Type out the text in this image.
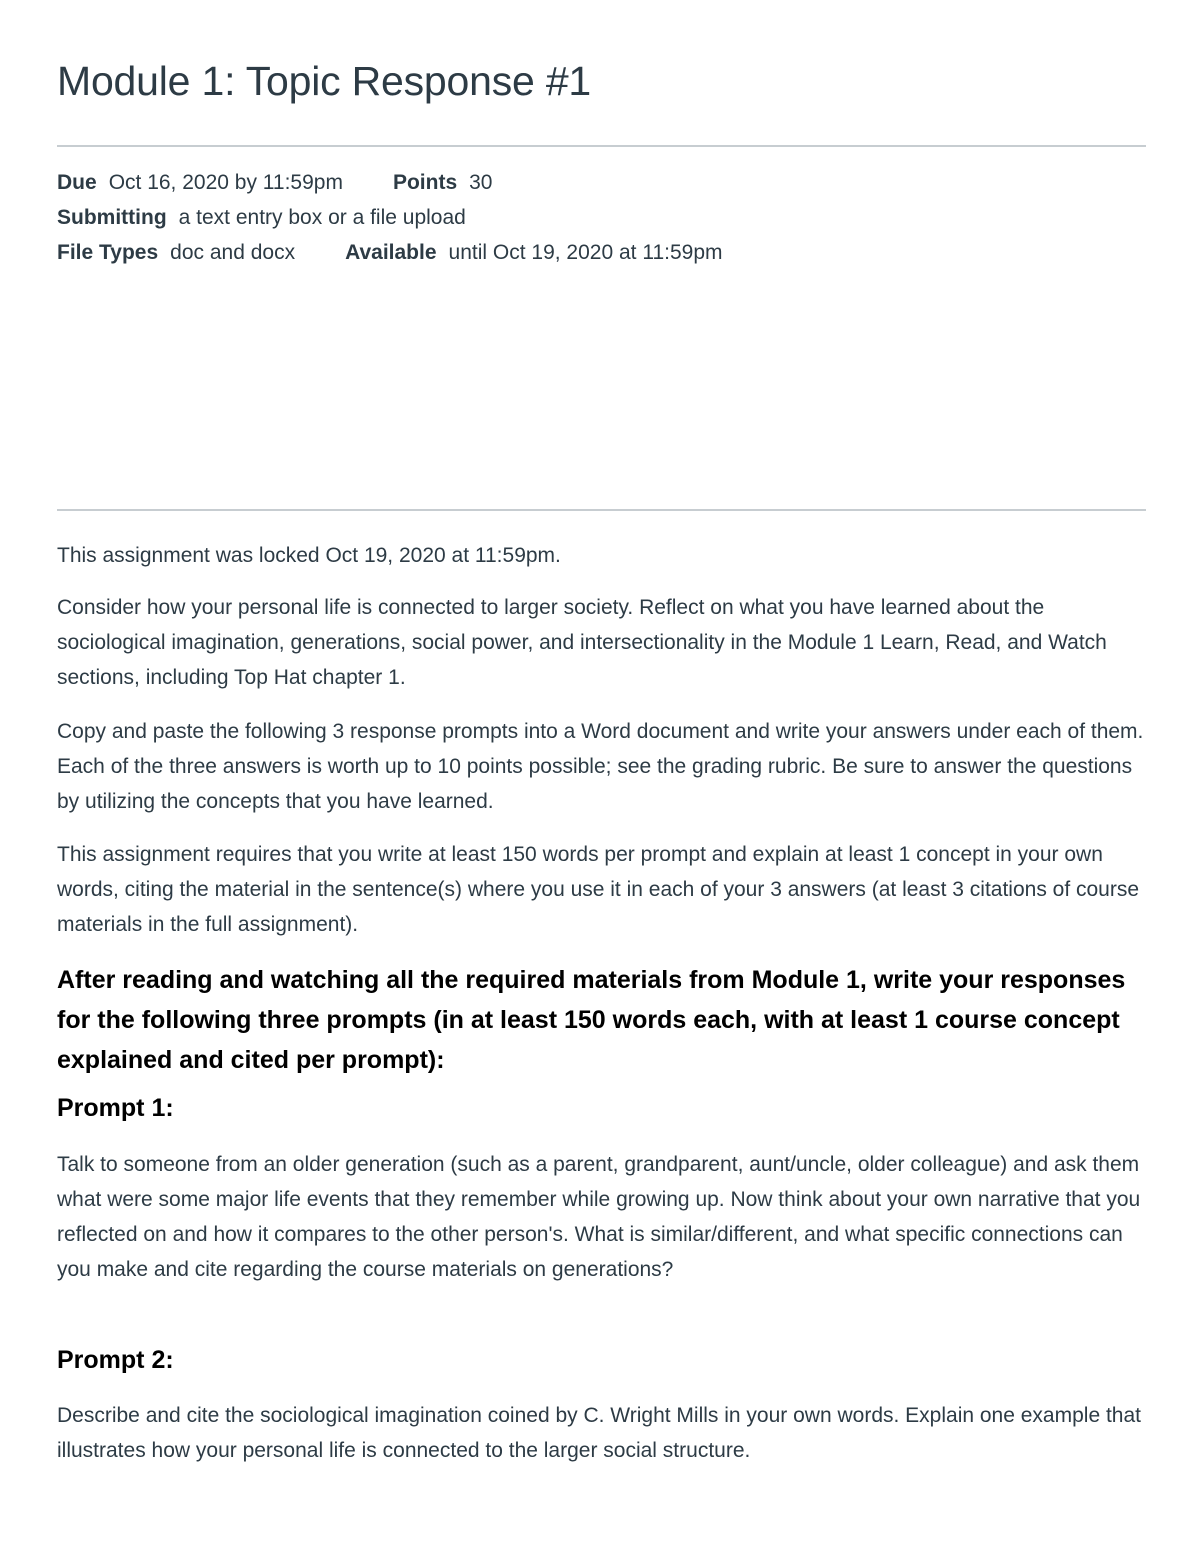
Module 1: Topic Response #1
Due Oct 16, 2020 by 11:59pm Points 30
Submitting a text entry box or a file upload
File Types doc and docx Available until Oct 19, 2020 at 11:59pm

This assignment was locked Oct 19, 2020 at 11:59pm.

Consider how your personal life is connected to larger society. Reflect on what you have learned about the sociological imagination, generations, social power, and intersectionality in the Module 1 Learn, Read, and Watch sections, including Top Hat chapter 1.

Copy and paste the following 3 response prompts into a Word document and write your answers under each of them. Each of the three answers is worth up to 10 points possible; see the grading rubric. Be sure to answer the questions by utilizing the concepts that you have learned.

This assignment requires that you write at least 150 words per prompt and explain at least 1 concept in your own words, citing the material in the sentence(s) where you use it in each of your 3 answers (at least 3 citations of course materials in the full assignment).

After reading and watching all the required materials from Module 1, write your responses for the following three prompts (in at least 150 words each, with at least 1 course concept explained and cited per prompt):
Prompt 1:

Talk to someone from an older generation (such as a parent, grandparent, aunt/uncle, older colleague) and ask them what were some major life events that they remember while growing up. Now think about your own narrative that you reflected on and how it compares to the other person's. What is similar/different, and what specific connections can you make and cite regarding the course materials on generations?

Prompt 2:

Describe and cite the sociological imagination coined by C. Wright Mills in your own words. Explain one example that illustrates how your personal life is connected to the larger social structure.
